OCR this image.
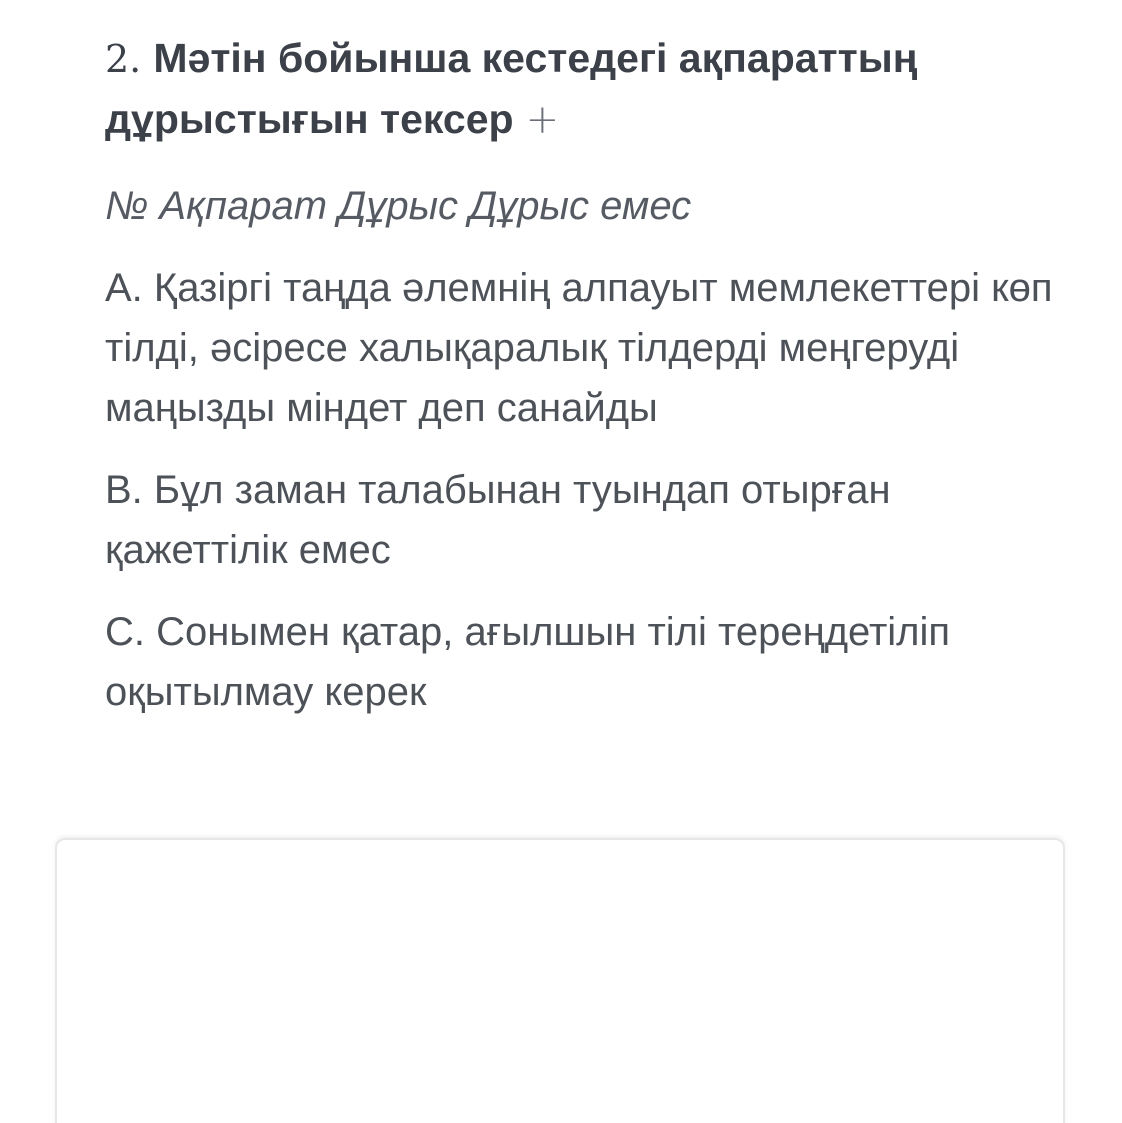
2. Мәтін бойынша кестедегі ақпараттың дұрыстығын тексер +

№ Ақпарат Дұрыс Дұрыс емес

А. Қазіргі таңда әлемнің алпауыт мемлекеттері көп тілді, әсіресе халықаралық тілдерді меңгеруді маңызды міндет деп санайды

В. Бұл заман талабынан туындап отырған қажеттілік емес

С. Сонымен қатар, ағылшын тілі тереңдетіліп оқытылмау керек
